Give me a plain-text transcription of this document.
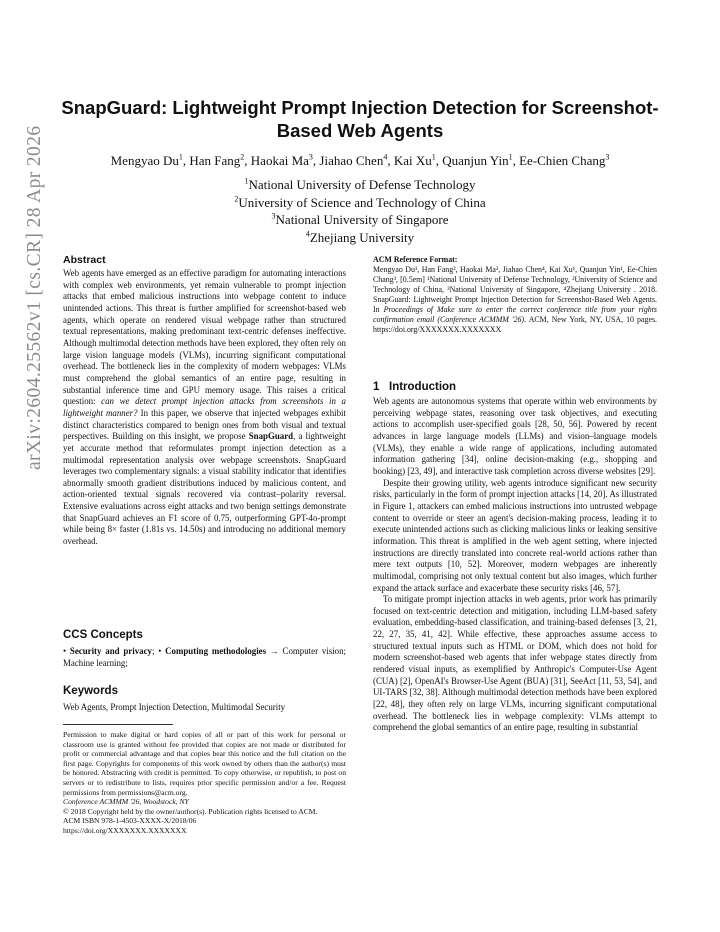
arXiv:2604.25562v1 [cs.CR] 28 Apr 2026
SnapGuard: Lightweight Prompt Injection Detection for Screenshot-Based Web Agents
Mengyao Du$^1$, Han Fang$^2$, Haokai Ma$^3$, Jiahao Chen$^4$, Kai Xu$^1$, Quanjun Yin$^1$, Ee-Chien Chang$^3$
$^1$National University of Defense Technology
$^2$University of Science and Technology of China
$^3$National University of Singapore
$^4$Zhejiang University
Abstract
Web agents have emerged as an effective paradigm for automating interactions with complex web environments, yet remain vulnerable to prompt injection attacks that embed malicious instructions into webpage content to induce unintended actions. This threat is further amplified for screenshot-based web agents, which operate on rendered visual webpage rather than structured textual representations, making predominant text-centric defenses ineffective. Although multimodal detection methods have been explored, they often rely on large vision language models (VLMs), incurring significant computational overhead. The bottleneck lies in the complexity of modern webpages: VLMs must comprehend the global semantics of an entire page, resulting in substantial inference time and GPU memory usage. This raises a critical question: can we detect prompt injection attacks from screenshots in a lightweight manner? In this paper, we observe that injected webpages exhibit distinct characteristics compared to benign ones from both visual and textual perspectives. Building on this insight, we propose SnapGuard, a lightweight yet accurate method that reformulates prompt injection detection as a multimodal representation analysis over webpage screenshots. SnapGuard leverages two complementary signals: a visual stability indicator that identifies abnormally smooth gradient distributions induced by malicious content, and action-oriented textual signals recovered via contrast–polarity reversal. Extensive evaluations across eight attacks and two benign settings demonstrate that SnapGuard achieves an F1 score of 0.75, outperforming GPT-4o-prompt while being 8× faster (1.81s vs. 14.50s) and introducing no additional memory overhead.
CCS Concepts
• Security and privacy; • Computing methodologies → Computer vision; Machine learning;
Keywords
Web Agents, Prompt Injection Detection, Multimodal Security

Permission to make digital or hard copies of all or part of this work for personal or classroom use is granted without fee provided that copies are not made or distributed for profit or commercial advantage and that copies bear this notice and the full citation on the first page. Copyrights for components of this work owned by others than the author(s) must be honored. Abstracting with credit is permitted. To copy otherwise, or republish, to post on servers or to redistribute to lists, requires prior specific permission and/or a fee. Request permissions from permissions@acm.org.

Conference ACMMM '26, Woodstock, NY

© 2018 Copyright held by the owner/author(s). Publication rights licensed to ACM.

ACM ISBN 978-1-4503-XXXX-X/2018/06

https://doi.org/XXXXXXX.XXXXXXX

ACM Reference Format:
Mengyao Du¹, Han Fang², Haokai Ma³, Jiahao Chen⁴, Kai Xu¹, Quanjun Yin¹, Ee-Chien Chang³, [0.5em] ¹National University of Defense Technology, ²University of Science and Technology of China, ³National University of Singapore, ⁴Zhejiang University . 2018. SnapGuard: Lightweight Prompt Injection Detection for Screenshot-Based Web Agents. In Proceedings of Make sure to enter the correct conference title from your rights confirmation email (Conference ACMMM '26). ACM, New York, NY, USA, 10 pages. https://doi.org/XXXXXXX.XXXXXXX
1 Introduction

Web agents are autonomous systems that operate within web environments by perceiving webpage states, reasoning over task objectives, and executing actions to accomplish user-specified goals [28, 50, 56]. Powered by recent advances in large language models (LLMs) and vision–language models (VLMs), they enable a wide range of applications, including automated information gathering [34], online decision-making (e.g., shopping and booking) [23, 49], and interactive task completion across diverse websites [29].

Despite their growing utility, web agents introduce significant new security risks, particularly in the form of prompt injection attacks [14, 20]. As illustrated in Figure 1, attackers can embed malicious instructions into untrusted webpage content to override or steer an agent's decision-making process, leading it to execute unintended actions such as clicking malicious links or leaking sensitive information. This threat is amplified in the web agent setting, where injected instructions are directly translated into concrete real-world actions rather than mere text outputs [10, 52]. Moreover, modern webpages are inherently multimodal, comprising not only textual content but also images, which further expand the attack surface and exacerbate these security risks [46, 57].

To mitigate prompt injection attacks in web agents, prior work has primarily focused on text-centric detection and mitigation, including LLM-based safety evaluation, embedding-based classification, and training-based defenses [3, 21, 22, 27, 35, 41, 42]. While effective, these approaches assume access to structured textual inputs such as HTML or DOM, which does not hold for modern screenshot-based web agents that infer webpage states directly from rendered visual inputs, as exemplified by Anthropic's Computer-Use Agent (CUA) [2], OpenAI's Browser-Use Agent (BUA) [31], SeeAct [11, 53, 54], and UI-TARS [32, 38]. Although multimodal detection methods have been explored [22, 48], they often rely on large VLMs, incurring significant computational overhead. The bottleneck lies in webpage complexity: VLMs attempt to comprehend the global semantics of an entire page, resulting in substantial
